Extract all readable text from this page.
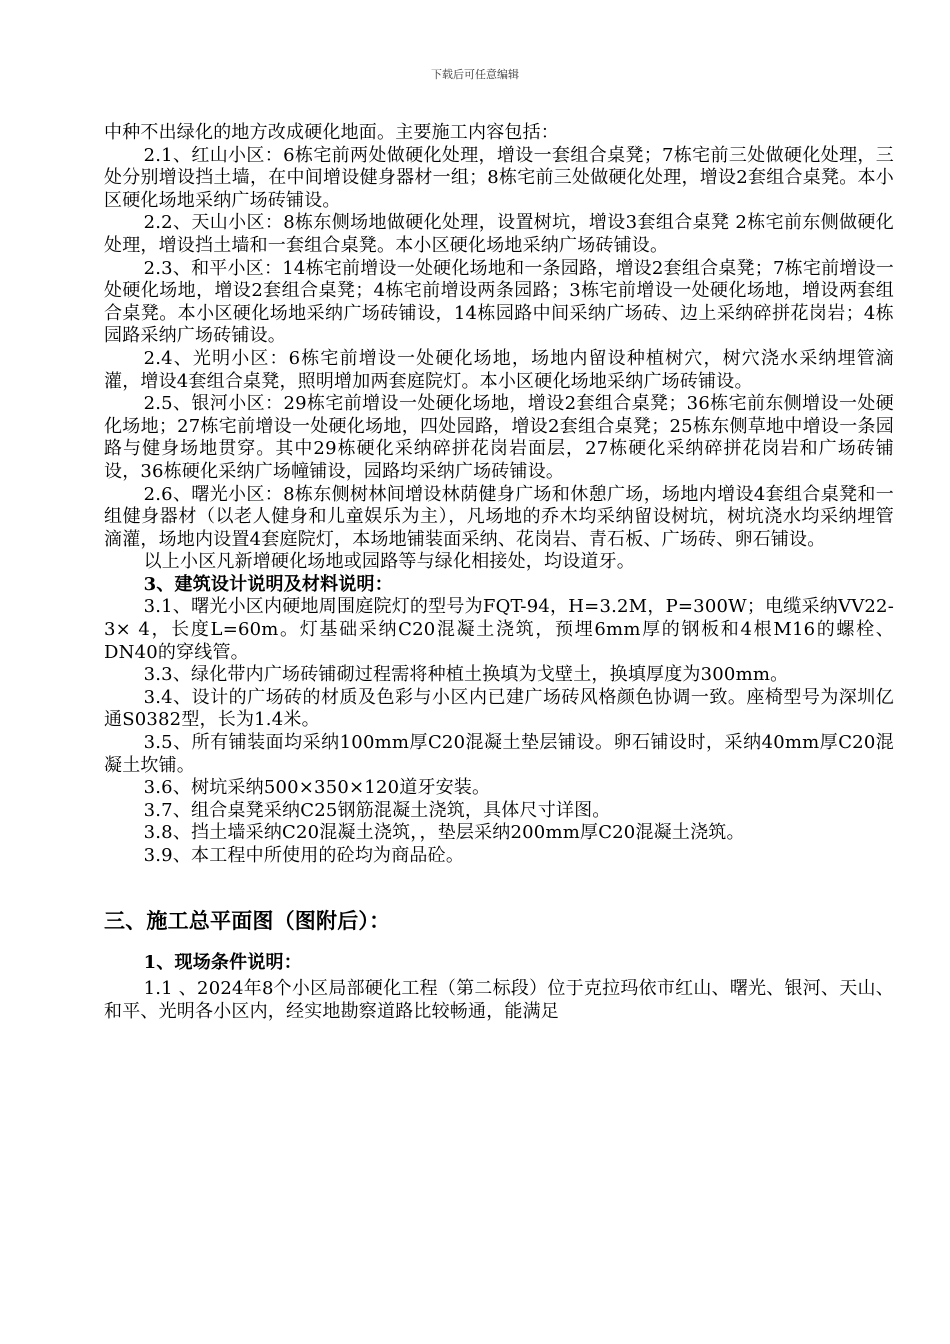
下载后可任意编辑

中种不出绿化的地方改成硬化地面。主要施工内容包括：

2.1、红山小区：6栋宅前两处做硬化处理，增设一套组合桌凳；7栋宅前三处做硬化处理，三处分别增设挡土墙，在中间增设健身器材一组；8栋宅前三处做硬化处理，增设2套组合桌凳。本小区硬化场地采纳广场砖铺设。

2.2、天山小区：8栋东侧场地做硬化处理，设置树坑，增设3套组合桌凳 2栋宅前东侧做硬化处理，增设挡土墙和一套组合桌凳。本小区硬化场地采纳广场砖铺设。

2.3、和平小区：14栋宅前增设一处硬化场地和一条园路，增设2套组合桌凳；7栋宅前增设一处硬化场地，增设2套组合桌凳；4栋宅前增设两条园路；3栋宅前增设一处硬化场地，增设两套组合桌凳。本小区硬化场地采纳广场砖铺设，14栋园路中间采纳广场砖、边上采纳碎拼花岗岩；4栋园路采纳广场砖铺设。

2.4、光明小区：6栋宅前增设一处硬化场地，场地内留设种植树穴，树穴浇水采纳埋管滴灌，增设4套组合桌凳，照明增加两套庭院灯。本小区硬化场地采纳广场砖铺设。

2.5、银河小区：29栋宅前增设一处硬化场地，增设2套组合桌凳；36栋宅前东侧增设一处硬化场地；27栋宅前增设一处硬化场地，四处园路，增设2套组合桌凳；25栋东侧草地中增设一条园路与健身场地贯穿。其中29栋硬化采纳碎拼花岗岩面层，27栋硬化采纳碎拼花岗岩和广场砖铺设，36栋硬化采纳广场幢铺设，园路均采纳广场砖铺设。

2.6、曙光小区：8栋东侧树林间增设林荫健身广场和休憩广场，场地内增设4套组合桌凳和一组健身器材（以老人健身和儿童娱乐为主），凡场地的乔木均采纳留设树坑，树坑浇水均采纳埋管滴灌，场地内设置4套庭院灯，本场地铺装面采纳、花岗岩、青石板、广场砖、卵石铺设。

以上小区凡新增硬化场地或园路等与绿化相接处，均设道牙。

3、建筑设计说明及材料说明：

3.1、曙光小区内硬地周围庭院灯的型号为FQT-94，H=3.2M，P=300W；电缆采纳VV22-3× 4，长度L=60m。灯基础采纳C20混凝土浇筑，预埋6mm厚的钢板和4根M16的螺栓、DN40的穿线管。

3.3、绿化带内广场砖铺砌过程需将种植土换填为戈壁土，换填厚度为300mm。

3.4、设计的广场砖的材质及色彩与小区内已建广场砖风格颜色协调一致。座椅型号为深圳亿通S0382型，长为1.4米。

3.5、所有铺装面均采纳100mm厚C20混凝土垫层铺设。卵石铺设时，采纳40mm厚C20混凝土坎铺。

3.6、树坑采纳500×350×120道牙安装。

3.7、组合桌凳采纳C25钢筋混凝土浇筑，具体尺寸详图。

3.8、挡土墙采纳C20混凝土浇筑，，垫层采纳200mm厚C20混凝土浇筑。

3.9、本工程中所使用的砼均为商品砼。

三、施工总平面图（图附后）：

1、现场条件说明：

1.1 、2024年8个小区局部硬化工程（第二标段）位于克拉玛依市红山、曙光、银河、天山、和平、光明各小区内，经实地勘察道路比较畅通，能满足
